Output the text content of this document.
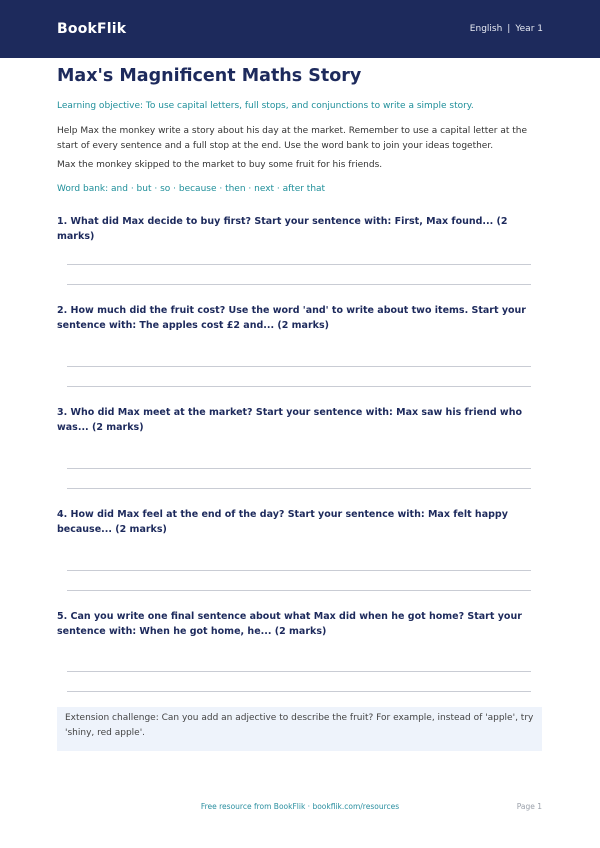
BookFlik	English | Year 1
Max's Magnificent Maths Story
Learning objective: To use capital letters, full stops, and conjunctions to write a simple story.
Help Max the monkey write a story about his day at the market. Remember to use a capital letter at the start of every sentence and a full stop at the end. Use the word bank to join your ideas together.
Max the monkey skipped to the market to buy some fruit for his friends.
Word bank: and · but · so · because · then · next · after that
1. What did Max decide to buy first? Start your sentence with: First, Max found... (2 marks)
2. How much did the fruit cost? Use the word 'and' to write about two items. Start your sentence with: The apples cost £2 and... (2 marks)
3. Who did Max meet at the market? Start your sentence with: Max saw his friend who was... (2 marks)
4. How did Max feel at the end of the day? Start your sentence with: Max felt happy because... (2 marks)
5. Can you write one final sentence about what Max did when he got home? Start your sentence with: When he got home, he... (2 marks)
Extension challenge: Can you add an adjective to describe the fruit? For example, instead of 'apple', try 'shiny, red apple'.
Free resource from BookFlik · bookflik.com/resources	Page 1
